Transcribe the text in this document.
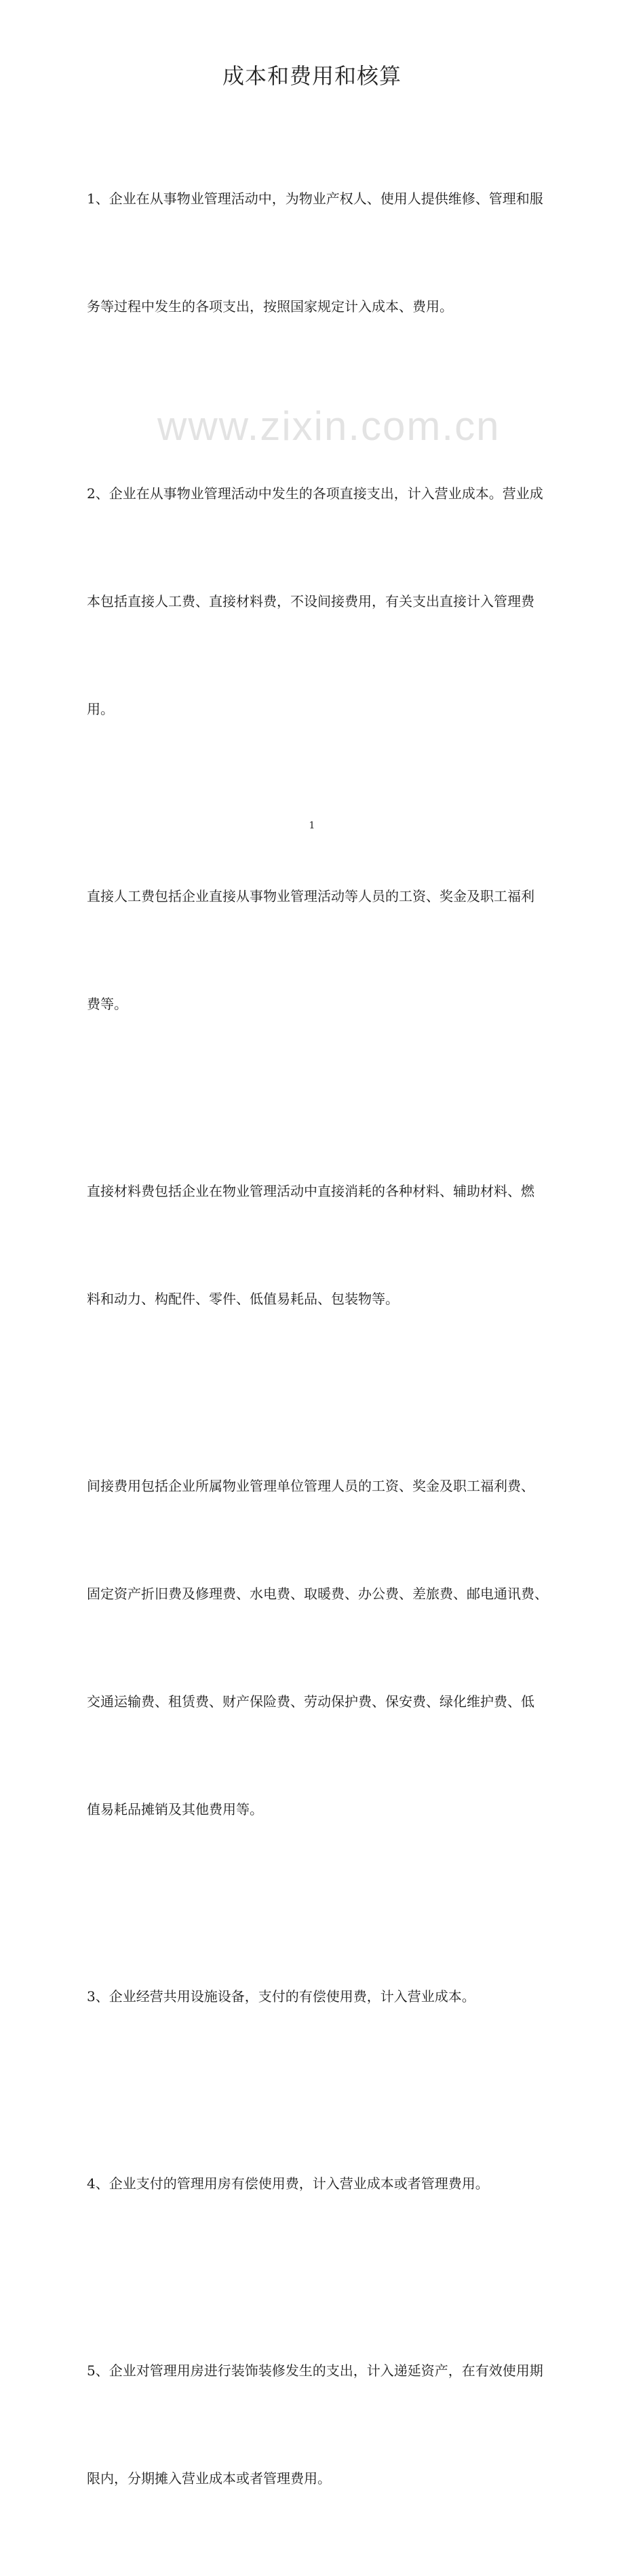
www.zixin.com.cn
成本和费用和核算

1、企业在从事物业管理活动中，为物业产权人、使用人提供维修、管理和服

务等过程中发生的各项支出，按照国家规定计入成本、费用。

2、企业在从事物业管理活动中发生的各项直接支出，计入营业成本。营业成

本包括直接人工费、直接材料费，不设间接费用，有关支出直接计入管理费

用。

直接人工费包括企业直接从事物业管理活动等人员的工资、奖金及职工福利

费等。

直接材料费包括企业在物业管理活动中直接消耗的各种材料、辅助材料、燃

料和动力、构配件、零件、低值易耗品、包装物等。

间接费用包括企业所属物业管理单位管理人员的工资、奖金及职工福利费、

固定资产折旧费及修理费、水电费、取暖费、办公费、差旅费、邮电通讯费、

交通运输费、租赁费、财产保险费、劳动保护费、保安费、绿化维护费、低

值易耗品摊销及其他费用等。

3、企业经营共用设施设备，支付的有偿使用费，计入营业成本。

4、企业支付的管理用房有偿使用费，计入营业成本或者管理费用。

5、企业对管理用房进行装饰装修发生的支出，计入递延资产，在有效使用期

限内，分期摊入营业成本或者管理费用。

1
